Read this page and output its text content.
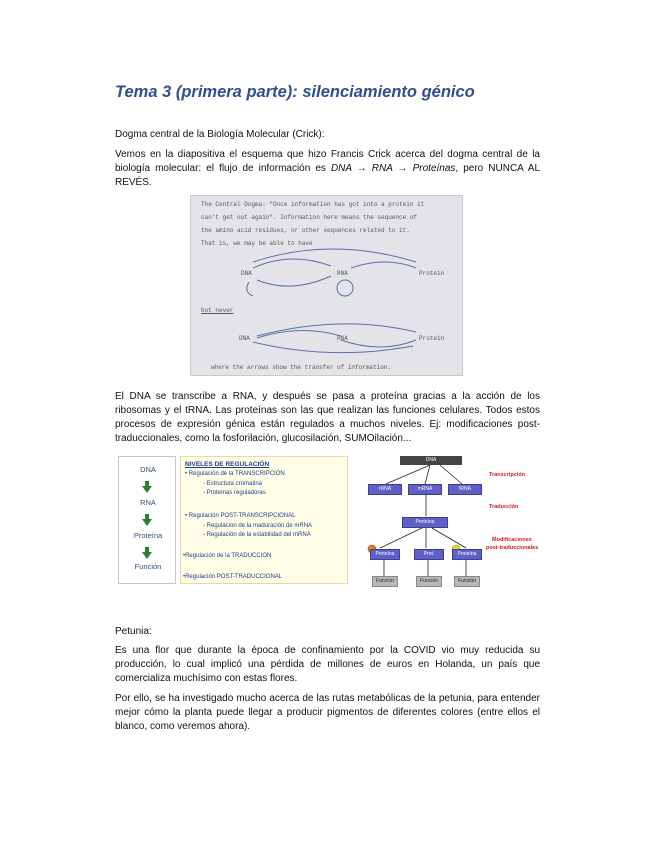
Tema 3 (primera parte): silenciamiento génico
Dogma central de la Biología Molecular (Crick):
Vemos en la diapositiva el esquema que hizo Francis Crick acerca del dogma central de la biología molecular: el flujo de información es DNA → RNA → Proteínas, pero NUNCA AL REVÉS.
The Central Dogma: "Once information has got into a protein it
can't get out again". Information here means the sequence of
the amino acid residues, or other sequences related to it.
That is, we may be able to have
DNA	RNA	Protein
but never
DNA	RNA	Protein
where the arrows show the transfer of information.
El DNA se transcribe a RNA, y después se pasa a proteína gracias a la acción de los ribosomas y el tRNA. Las proteínas son las que realizan las funciones celulares. Todos estos procesos de expresión génica están regulados a muchos niveles. Ej: modificaciones post-traduccionales, como la fosforilación, glucosilación, SUMOilación...
DNA
RNA
Proteína
Función
NIVELES DE REGULACIÓN
• Regulación de la TRANSCRIPCIÓN
- Estructura cromatina
- Proteínas reguladoras
• Regulación POST-TRANSCRIPCIONAL
- Regulación de la maduración de mRNA
- Regulación de la estabilidad del mRNA
•Regulación de la TRADUCCION
•Regulación POST-TRADUCCIONAL
DNA
rRNA	mRNA	tRNA
Proteína
Proteína	Prot.	Proteína
Función	Función	Función
Transcripción
Traducción
Modificaciones
post-traduccionales
Petunia:
Es una flor que durante la época de confinamiento por la COVID vio muy reducida su producción, lo cual implicó una pérdida de millones de euros en Holanda, un país que comercializa muchísimo con estas flores.
Por ello, se ha investigado mucho acerca de las rutas metabólicas de la petunia, para entender mejor cómo la planta puede llegar a producir pigmentos de diferentes colores (entre ellos el blanco, como veremos ahora).
